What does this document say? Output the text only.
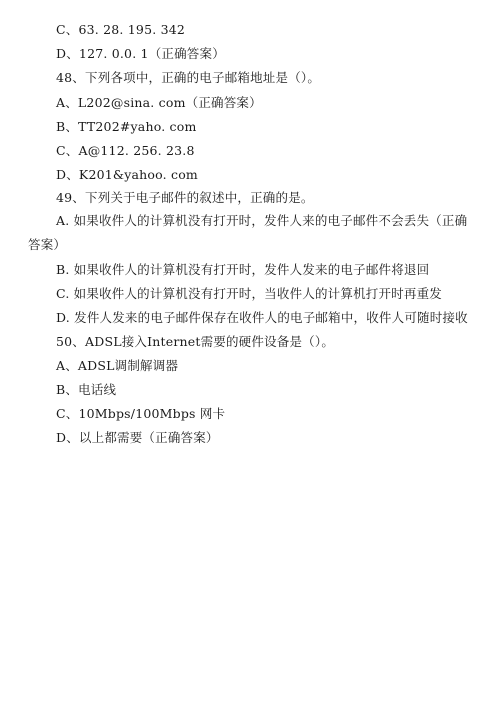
C、63. 28. 195. 342
D、127. 0.0. 1（正确答案）
48、下列各项中，正确的电子邮箱地址是（）。
A、L202@sina. com（正确答案）
B、TT202#yaho. com
C、A@112. 256. 23.8
D、K201&yahoo. com
49、下列关于电子邮件的叙述中，正确的是。
A. 如果收件人的计算机没有打开时，发件人来的电子邮件不会丢失（正确答案）
B. 如果收件人的计算机没有打开时，发件人发来的电子邮件将退回
C. 如果收件人的计算机没有打开时，当收件人的计算机打开时再重发
D. 发件人发来的电子邮件保存在收件人的电子邮箱中，收件人可随时接收
50、ADSL接入Internet需要的硬件设备是（）。
A、ADSL调制解调器
B、电话线
C、10Mbps/100Mbps 网卡
D、以上都需要（正确答案）
